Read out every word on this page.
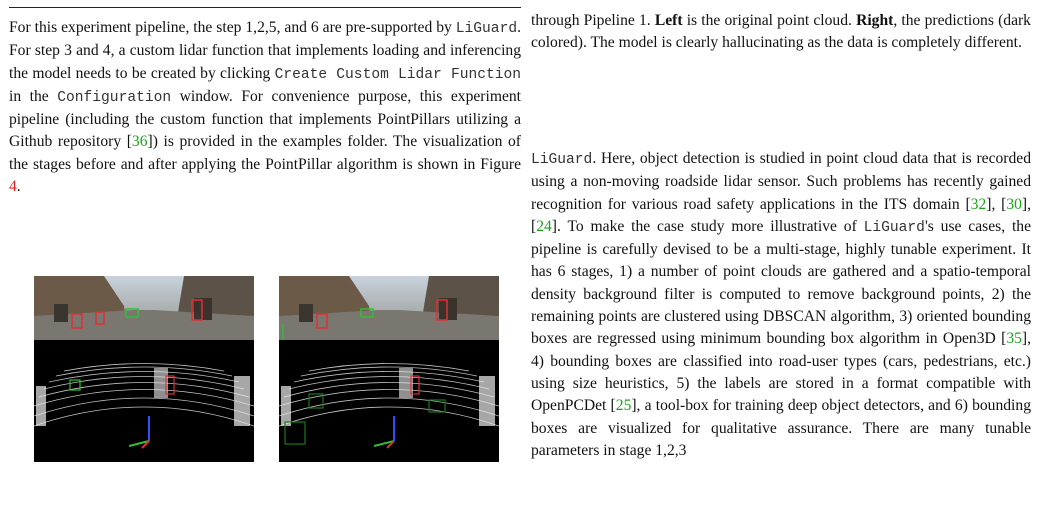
For this experiment pipeline, the step 1,2,5, and 6 are pre-supported by LiGuard. For step 3 and 4, a custom lidar function that implements loading and inferencing the model needs to be created by clicking Create Custom Lidar Function in the Configuration window. For convenience purpose, this experiment pipeline (including the custom function that implements PointPillars utilizing a Github repository [36]) is provided in the examples folder. The visualization of the stages before and after applying the PointPillar algorithm is shown in Figure 4.

through Pipeline 1. Left is the original point cloud. Right, the predictions (dark colored). The model is clearly hallucinating as the data is completely different.

LiGuard. Here, object detection is studied in point cloud data that is recorded using a non-moving roadside lidar sensor. Such problems has recently gained recognition for various road safety applications in the ITS domain [32], [30], [24]. To make the case study more illustrative of LiGuard's use cases, the pipeline is carefully devised to be a multi-stage, highly tunable experiment. It has 6 stages, 1) a number of point clouds are gathered and a spatio-temporal density background filter is computed to remove background points, 2) the remaining points are clustered using DBSCAN algorithm, 3) oriented bounding boxes are regressed using minimum bounding box algorithm in Open3D [35], 4) bounding boxes are classified into road-user types (cars, pedestrians, etc.) using size heuristics, 5) the labels are stored in a format compatible with OpenPCDet [25], a tool-box for training deep object detectors, and 6) bounding boxes are visualized for qualitative assurance. There are many tunable parameters in stage 1,2,3
